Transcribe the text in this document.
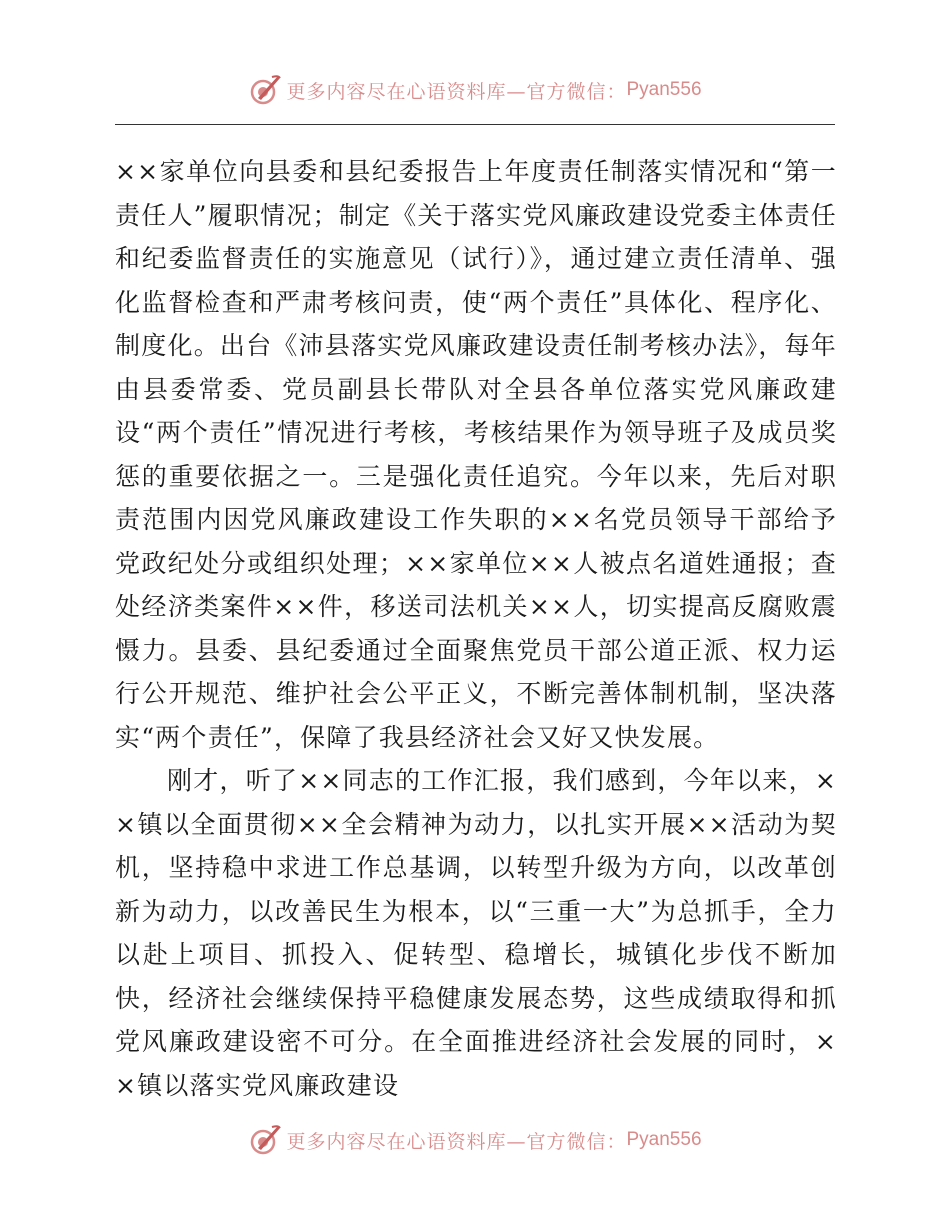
更多内容尽在心语资料库—官方微信： Pyan556

××家单位向县委和县纪委报告上年度责任制落实情况和“第一责任人”履职情况；制定《关于落实党风廉政建设党委主体责任和纪委监督责任的实施意见（试行）》，通过建立责任清单、强化监督检查和严肃考核问责，使“两个责任”具体化、程序化、制度化。出台《沛县落实党风廉政建设责任制考核办法》，每年由县委常委、党员副县长带队对全县各单位落实党风廉政建设“两个责任”情况进行考核，考核结果作为领导班子及成员奖惩的重要依据之一。三是强化责任追究。今年以来，先后对职责范围内因党风廉政建设工作失职的××名党员领导干部给予党政纪处分或组织处理；××家单位××人被点名道姓通报；查处经济类案件××件，移送司法机关××人，切实提高反腐败震慑力。县委、县纪委通过全面聚焦党员干部公道正派、权力运行公开规范、维护社会公平正义，不断完善体制机制，坚决落实“两个责任”，保障了我县经济社会又好又快发展。

刚才，听了××同志的工作汇报，我们感到，今年以来，××镇以全面贯彻××全会精神为动力，以扎实开展××活动为契机，坚持稳中求进工作总基调，以转型升级为方向，以改革创新为动力，以改善民生为根本，以“三重一大”为总抓手，全力以赴上项目、抓投入、促转型、稳增长，城镇化步伐不断加快，经济社会继续保持平稳健康发展态势，这些成绩取得和抓党风廉政建设密不可分。在全面推进经济社会发展的同时，××镇以落实党风廉政建设

更多内容尽在心语资料库—官方微信： Pyan556
